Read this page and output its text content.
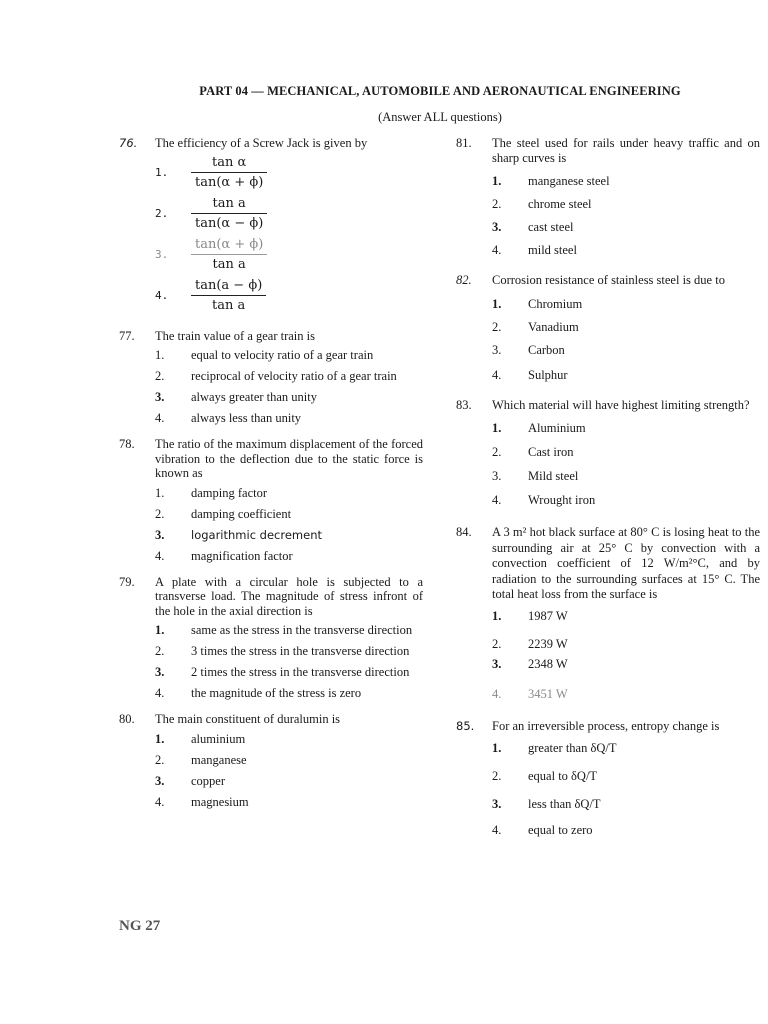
PART 04 — MECHANICAL, AUTOMOBILE AND AERONAUTICAL ENGINEERING
(Answer ALL questions)
76.	The efficiency of a Screw Jack is given by
1.	$\frac{\text{tan α}}{\tan(\alpha + \phi)}$
2.	$\frac{\text{tan a}}{\tan(\alpha - \phi)}$
3.	$\frac{\tan(\alpha + \phi)}{\text{tan a}}$
4.	$\frac{\tan(a - \phi)}{\text{tan a}}$
77.	The train value of a gear train is
1.	equal to velocity ratio of a gear train
2.	reciprocal of velocity ratio of a gear train
3.	always greater than unity
4.	always less than unity
78.	The ratio of the maximum displacement of the forced vibration to the deflection due to the static force is known as
1.	damping factor
2.	damping coefficient
3.	logarithmic decrement
4.	magnification factor
79.	A plate with a circular hole is subjected to a transverse load. The magnitude of stress infront of the hole in the axial direction is
1.	same as the stress in the transverse direction
2.	3 times the stress in the transverse direction
3.	2 times the stress in the transverse direction
4.	the magnitude of the stress is zero
80.	The main constituent of duralumin is
1.	aluminium
2.	manganese
3.	copper
4.	magnesium
81.	The steel used for rails under heavy traffic and on sharp curves is
1.	manganese steel
2.	chrome steel
3.	cast steel
4.	mild steel
82.	Corrosion resistance of stainless steel is due to
1.	Chromium
2.	Vanadium
3.	Carbon
4.	Sulphur
83.	Which material will have highest limiting strength?
1.	Aluminium
2.	Cast iron
3.	Mild steel
4.	Wrought iron
84.	A 3 m² hot black surface at 80° C is losing heat to the surrounding air at 25° C by convection with a convection coefficient of 12 W/m²°C, and by radiation to the surrounding surfaces at 15° C. The total heat loss from the surface is
1.	1987 W
2.	2239 W
3.	2348 W
4.	3451 W
85.	For an irreversible process, entropy change is
1.	greater than δQ/T
2.	equal to δQ/T
3.	less than δQ/T
4.	equal to zero
NG 27
